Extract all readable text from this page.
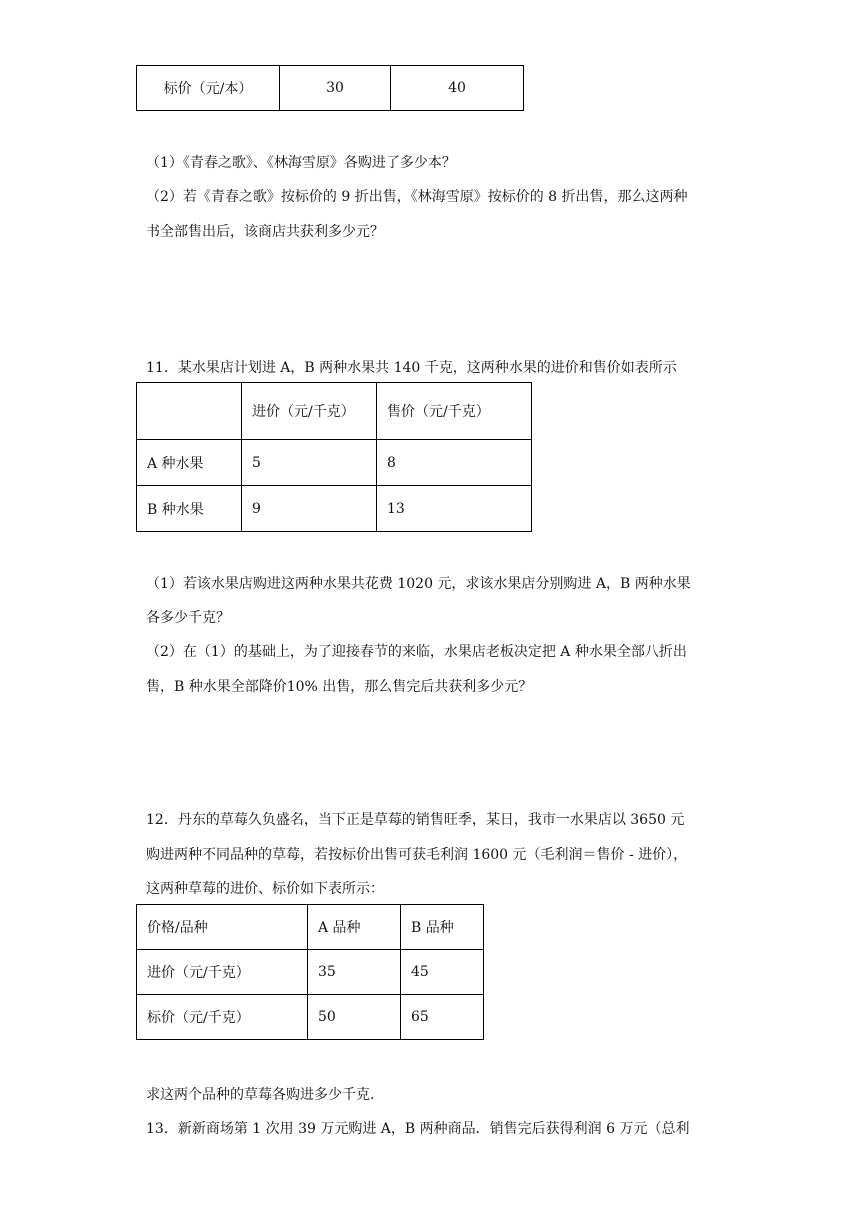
标价（元/本）	30	40
（1）《青春之歌》、《林海雪原》各购进了多少本？
（2）若《青春之歌》按标价的 9 折出售，《林海雪原》按标价的 8 折出售，那么这两种
书全部售出后，该商店共获利多少元？
11．某水果店计划进 A，B 两种水果共 140 千克，这两种水果的进价和售价如表所示
	进价（元/千克）	售价（元/千克）
A 种水果	5	8
B 种水果	9	13
（1）若该水果店购进这两种水果共花费 1020 元，求该水果店分别购进 A，B 两种水果
各多少千克？
（2）在（1）的基础上，为了迎接春节的来临，水果店老板决定把 A 种水果全部八折出
售，B 种水果全部降价10% 出售，那么售完后共获利多少元？
12．丹东的草莓久负盛名，当下正是草莓的销售旺季，某日，我市一水果店以 3650 元
购进两种不同品种的草莓，若按标价出售可获毛利润 1600 元（毛利润＝售价 - 进价），
这两种草莓的进价、标价如下表所示：
价格/品种	A 品种	B 品种
进价（元/千克）	35	45
标价（元/千克）	50	65
求这两个品种的草莓各购进多少千克．
13．新新商场第 1 次用 39 万元购进 A，B 两种商品．销售完后获得利润 6 万元（总利
